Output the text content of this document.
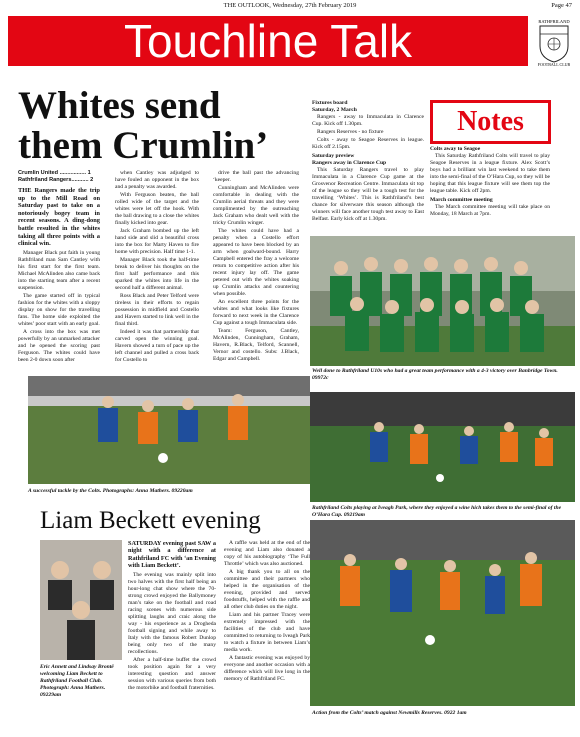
THE OUTLOOK, Wednesday, 27th February 2019	Page 47
Touchline Talk	RATHFRILAND
FOOTBALL CLUB
Whites send them Crumlin’
Crumlin United ................. 1
Rathfriland Rangers........... 2
THE Rangers made the trip up to the Mill Road on Saturday past to take on a notoriously bogey team in recent seasons. A ding-dong battle resulted in the whites taking all three points with a clinical win.

Manager Black put faith in young Rathfriland man Sam Cantley with his first start for the first team. Michael McAlinden also came back into the starting team after a recent suspension.

The game started off in typical fashion for the whites with a sloppy display on show for the travelling fans. The home side exploited the whites’ poor start with an early goal.

A cross into the box was met powerfully by an unmarked attacker and he opened the scoring past Ferguson. The whites could have been 2-0 down soon after

when Cantley was adjudged to have fouled an opponent in the box and a penalty was awarded.

With Ferguson beaten, the ball rolled wide of the target and the whites were let off the hook. With the ball drawing to a close the whites finally kicked into gear.

Jack Graham bombed up the left hand side and slid a beautiful cross into the box for Marty Haven to fire home with precision. Half time 1-1.

Manager Black took the half-time break to deliver his thoughts on the first half performance and this sparked the whites into life in the second half a different animal.

Ross Black and Peter Telford were tireless in their efforts to regain possession in midfield and Costello and Havern started to link well in the final third.

Indeed it was that partnership that carved open the winning goal. Havern showed a turn of pace up the left channel and pulled a cross back for Costello to

drive the ball past the advancing ‘keeper.

Cunningham and McAlinden were comfortable in dealing with the Crumlin aerial threats and they were complimented by the outreaching Jack Graham who dealt well with the tricky Crumlin winger.

The whites could have had a penalty when a Costello effort appeared to have been blocked by an arm when goalward-bound. Harry Campbell entered the fray a welcome return to competitive action after his recent injury lay off. The game petered out with the whites soaking up Crumlin attacks and countering when possible.

An excellent three points for the whites and what looks like fixtures forward to next week in the Clarence Cup against a tough Immaculata side.

Team: Ferguson, Cantley, McAlinden, Cunningham, Graham, Havern, R.Black, Telford, Scannell, Vernor and costello. Subs: J.Black, Edgar and Campbell.

Fixtures board
Saturday, 2 March

Rangers - away to Immaculata in Clarence Cup. Kick off 1.30pm.

Rangers Reserves - no fixture

Colts - away to Seagoe Reserves in league. Kick off 2.15pm.

Saturday preview
Rangers away in Clarence Cup

This Saturday Rangers travel to play Immaculata in a Clarence Cup game at the Grosvenor Recreation Centre. Immaculata sit top of the league so they will be a tough test for the travelling ‘Whites’. This is Rathfriland’s best chance for silverware this season although the winners will face another tough test away to East Belfast. Early kick off at 1.30pm.

Notes
Colts away to Seagoe

This Saturday Rathfriland Colts will travel to play Seagoe Reserves in a league fixture. Alex Scott’s boys had a brilliant win last weekend to take them into the semi-final of the O’Hara Cup, so they will be hoping that this league fixture will see them top the league table. Kick off 2pm.

March committee meeting

The March committee meeting will take place on Monday, 18 March at 7pm.

Well done to Rathfriland U10s who had a great team performance with a 4-3 victory over Banbridge Town. 09972c
A successful tackle by the Colts. Photographs: Anna Mathers. 09220am
Rathfriland Colts playing at Iveagh Park, where they enjoyed a wine hich takes them to the semi-final of the O’Hara Cup. 09219am
Liam Beckett evening
Eric Annett and Lindsay Brontë welcoming Liam Beckett to Rathfriland Football Club. Photograph: Anna Mathers. 09229am
SATURDAY evening past SAW a night with a difference at Rathfriland FC with ‘an Evening with Liam Beckett’.

The evening was mainly split into two halves with the first half being an hour-long chat show where the 70-strong crowd enjoyed the Ballymoney man’s take on the football and road racing scenes with numerous side splitting laughs and craic along the way - his experience as a Drogheda football signing and while away to Italy with the famous Robert Dunlop being only two of the many recollections.

After a half-time buffet the crowd took position again for a very interesting question and answer session with various queries from both the motorbike and football fraternities.

A raffle was held at the end of the evening and Liam also donated a copy of his autobiography ‘The Full Throttle’ which was also auctioned.

A big thank you to all on the committee and their partners who helped in the organisation of the evening, provided and served foodstuffs, helped with the raffle and all other club duties on the night.

Liam and his partner Tracey were extremely impressed with the facilities of the club and have committed to returning to Iveagh Park to watch a fixture in between Liam’s media work.

A fantastic evening was enjoyed by everyone and another occasion with a difference which will live long in the memory of Rathfriland FC.

Action from the Colts’ match against Newmills Reserves. 0922 1am
